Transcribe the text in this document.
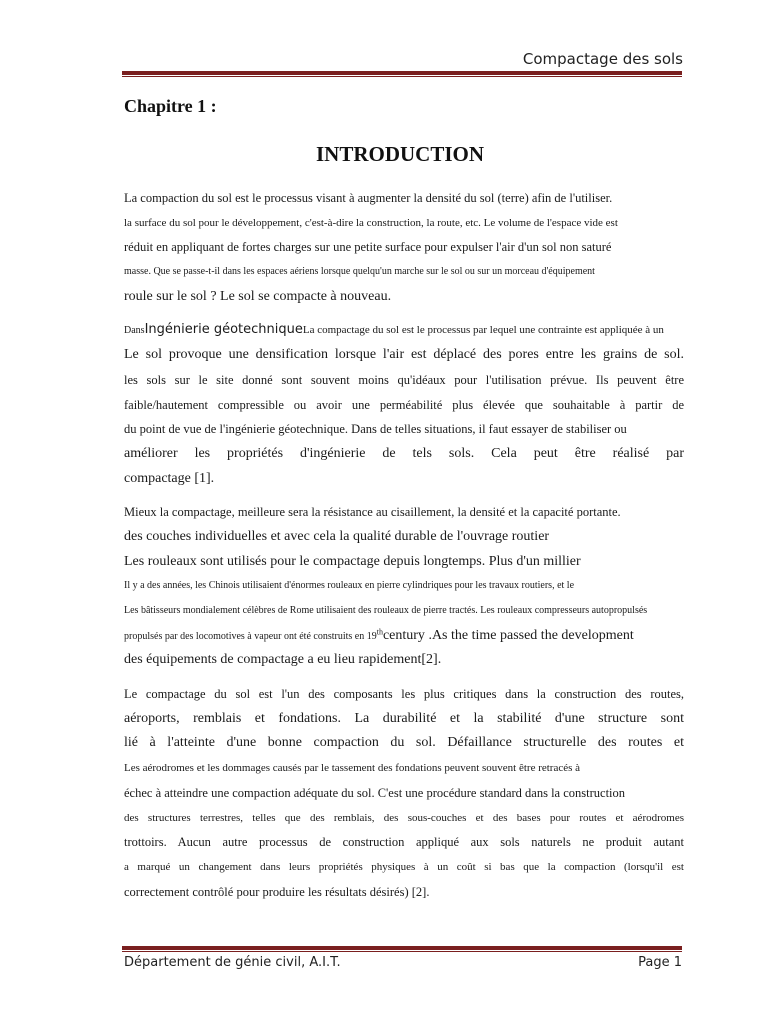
Compactage des sols
Chapitre 1 :
INTRODUCTION
La compaction du sol est le processus visant à augmenter la densité du sol (terre) afin de l'utiliser.
la surface du sol pour le développement, c'est-à-dire la construction, la route, etc. Le volume de l'espace vide est
réduit en appliquant de fortes charges sur une petite surface pour expulser l'air d'un sol non saturé
masse. Que se passe-t-il dans les espaces aériens lorsque quelqu'un marche sur le sol ou sur un morceau d'équipement
roule sur le sol ? Le sol se compacte à nouveau.
DansIngénierie géotechniqueLa compactage du sol est le processus par lequel une contrainte est appliquée à un
Le sol provoque une densification lorsque l'air est déplacé des pores entre les grains de sol.
les sols sur le site donné sont souvent moins qu'idéaux pour l'utilisation prévue. Ils peuvent être
faible/hautement compressible ou avoir une perméabilité plus élevée que souhaitable à partir de
du point de vue de l'ingénierie géotechnique. Dans de telles situations, il faut essayer de stabiliser ou
améliorer les propriétés d'ingénierie de tels sols. Cela peut être réalisé par
compactage [1].
Mieux la compactage, meilleure sera la résistance au cisaillement, la densité et la capacité portante.
des couches individuelles et avec cela la qualité durable de l'ouvrage routier
Les rouleaux sont utilisés pour le compactage depuis longtemps. Plus d'un millier
Il y a des années, les Chinois utilisaient d'énormes rouleaux en pierre cylindriques pour les travaux routiers, et le
Les bâtisseurs mondialement célèbres de Rome utilisaient des rouleaux de pierre tractés. Les rouleaux compresseurs autopropulsés
propulsés par des locomotives à vapeur ont été construits en 19thcentury .As the time passed the development
des équipements de compactage a eu lieu rapidement[2].
Le compactage du sol est l'un des composants les plus critiques dans la construction des routes,
aéroports, remblais et fondations. La durabilité et la stabilité d'une structure sont
lié à l'atteinte d'une bonne compaction du sol. Défaillance structurelle des routes et
Les aérodromes et les dommages causés par le tassement des fondations peuvent souvent être retracés à
échec à atteindre une compaction adéquate du sol. C'est une procédure standard dans la construction
des structures terrestres, telles que des remblais, des sous-couches et des bases pour routes et aérodromes
trottoirs. Aucun autre processus de construction appliqué aux sols naturels ne produit autant
a marqué un changement dans leurs propriétés physiques à un coût si bas que la compaction (lorsqu'il est
correctement contrôlé pour produire les résultats désirés) [2].
Département de génie civil, A.I.T.	Page 1
